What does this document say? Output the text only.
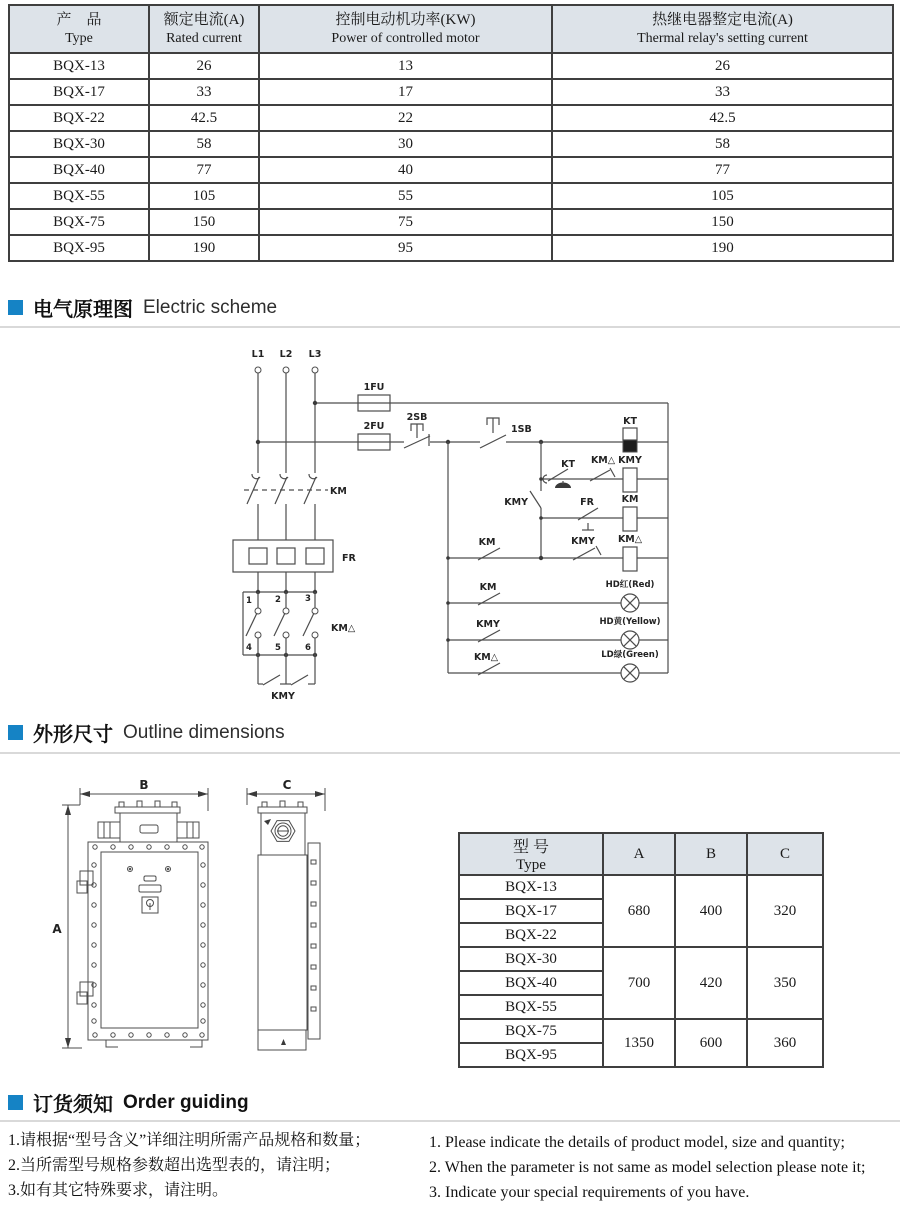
产　品
Type

额定电流(A)
Rated current

控制电动机功率(KW)
Power of controlled motor

热继电器整定电流(A)
Thermal relay's setting current

BQX-13	26	13	26
BQX-17	33	17	33
BQX-22	42.5	22	42.5
BQX-30	58	30	58
BQX-40	77	40	77
BQX-55	105	55	105
BQX-75	150	75	150
BQX-95	190	95	190
电气原理图 Electric scheme
L1 L2 L3
KM
FR
1	2	3
4	5	6
KM△
KMY
1FU
2FU
2SB
1SB
KT
KMY
KT KM△ KMY
FR	KM
KM	KMY KM△
KM	HD红(Red)
KMY	HD黄(Yellow)
KM△	LD绿(Green)
外形尺寸 Outline dimensions
B
A
C
型 号
Type	A	B	C
BQX-13	680	400	320
BQX-17			
BQX-22			
BQX-30	700	420	350
BQX-40			
BQX-55			
BQX-75	1350	600	360
BQX-95			
订货须知 Order guiding
1.请根据“型号含义”详细注明所需产品规格和数量；
2.当所需型号规格参数超出选型表的，请注明；
3.如有其它特殊要求，请注明。
1. Please indicate the details of product model, size and quantity;
2. When the parameter is not same as model selection please note it;
3. Indicate your special requirements of you have.
